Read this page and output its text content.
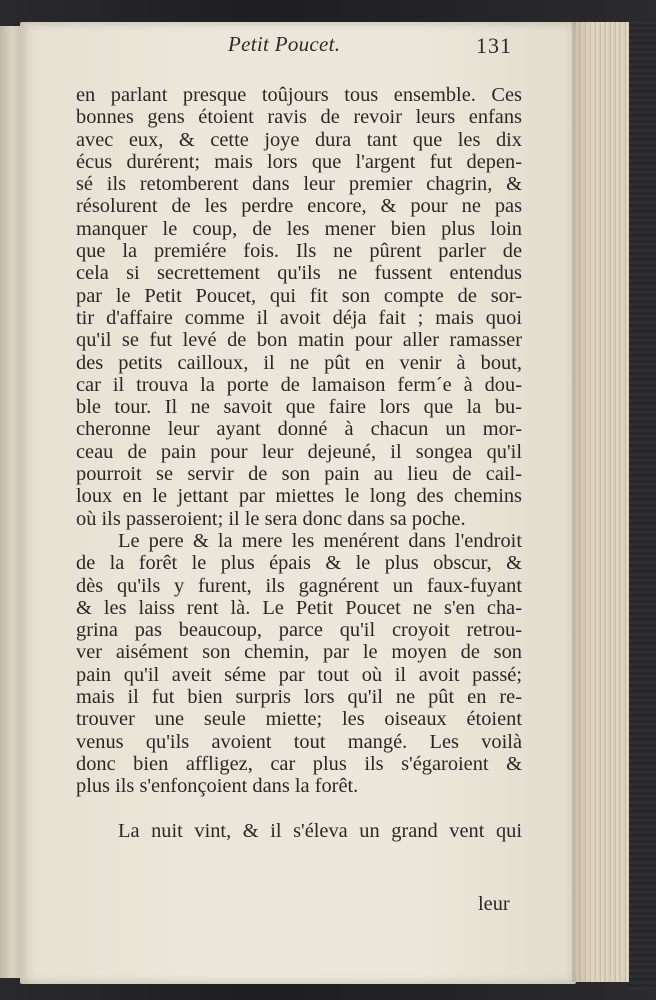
Petit Poucet.	131
en parlant presque toûjours tous ensemble. Ces
bonnes gens étoient ravis de revoir leurs enfans
avec eux, & cette joye dura tant que les dix
écus durérent; mais lors que l'argent fut depen-
sé ils retomberent dans leur premier chagrin, &
résolurent de les perdre encore, & pour ne pas
manquer le coup, de les mener bien plus loin
que la premiére fois. Ils ne pûrent parler de
cela si secrettement qu'ils ne fussent entendus
par le Petit Poucet, qui fit son compte de sor-
tir d'affaire comme il avoit déja fait ; mais quoi
qu'il se fut levé de bon matin pour aller ramasser
des petits cailloux, il ne pût en venir à bout,
car il trouva la porte de lamaison ferm´e à dou-
ble tour. Il ne savoit que faire lors que la bu-
cheronne leur ayant donné à chacun un mor-
ceau de pain pour leur dejeuné, il songea qu'il
pourroit se servir de son pain au lieu de cail-
loux en le jettant par miettes le long des chemins
où ils passeroient; il le sera donc dans sa poche.
Le pere & la mere les menérent dans l'endroit
de la forêt le plus épais & le plus obscur, &
dès qu'ils y furent, ils gagnérent un faux-fuyant
& les laiss rent là. Le Petit Poucet ne s'en cha-
grina pas beaucoup, parce qu'il croyoit retrou-
ver aisément son chemin, par le moyen de son
pain qu'il aveit séme par tout où il avoit passé;
mais il fut bien surpris lors qu'il ne pût en re-
trouver une seule miette; les oiseaux étoient
venus qu'ils avoient tout mangé. Les voilà
donc bien affligez, car plus ils s'égaroient &
plus ils s'enfonçoient dans la forêt.
La nuit vint, & il s'éleva un grand vent qui
leur
